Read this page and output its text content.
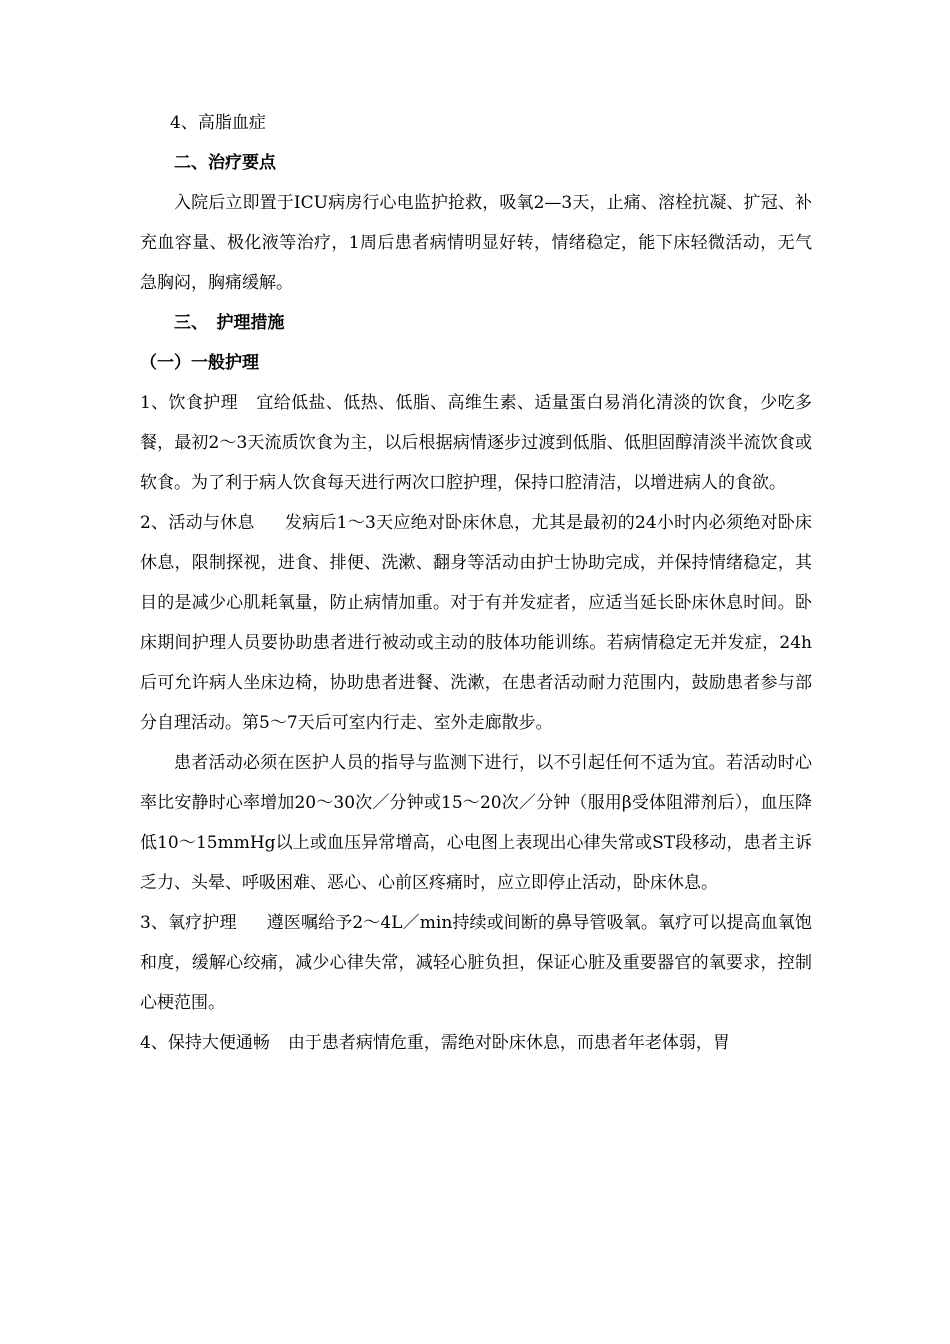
4、高脂血症

二、治疗要点

入院后立即置于ICU病房行心电监护抢救，吸氧2—3天，止痛、溶栓抗凝、扩冠、补充血容量、极化液等治疗，1周后患者病情明显好转，情绪稳定，能下床轻微活动，无气急胸闷，胸痛缓解。

三、　护理措施

（一）一般护理

1、饮食护理 宜给低盐、低热、低脂、高维生素、适量蛋白易消化清淡的饮食，少吃多餐，最初2～3天流质饮食为主，以后根据病情逐步过渡到低脂、低胆固醇清淡半流饮食或软食。为了利于病人饮食每天进行两次口腔护理，保持口腔清洁，以增进病人的食欲。

2、活动与休息 发病后1～3天应绝对卧床休息，尤其是最初的24小时内必须绝对卧床休息，限制探视，进食、排便、洗漱、翻身等活动由护士协助完成，并保持情绪稳定，其目的是减少心肌耗氧量，防止病情加重。对于有并发症者，应适当延长卧床休息时间。卧床期间护理人员要协助患者进行被动或主动的肢体功能训练。若病情稳定无并发症，24h后可允许病人坐床边椅，协助患者进餐、洗漱，在患者活动耐力范围内，鼓励患者参与部分自理活动。第5～7天后可室内行走、室外走廊散步。

患者活动必须在医护人员的指导与监测下进行，以不引起任何不适为宜。若活动时心率比安静时心率增加20～30次／分钟或15～20次／分钟（服用β受体阻滞剂后），血压降低10～15mmHg以上或血压异常增高，心电图上表现出心律失常或ST段移动，患者主诉乏力、头晕、呼吸困难、恶心、心前区疼痛时，应立即停止活动，卧床休息。

3、氧疗护理 遵医嘱给予2～4L／min持续或间断的鼻导管吸氧。氧疗可以提高血氧饱和度，缓解心绞痛，减少心律失常，减轻心脏负担，保证心脏及重要器官的氧要求，控制心梗范围。

4、保持大便通畅 由于患者病情危重，需绝对卧床休息，而患者年老体弱，胃
